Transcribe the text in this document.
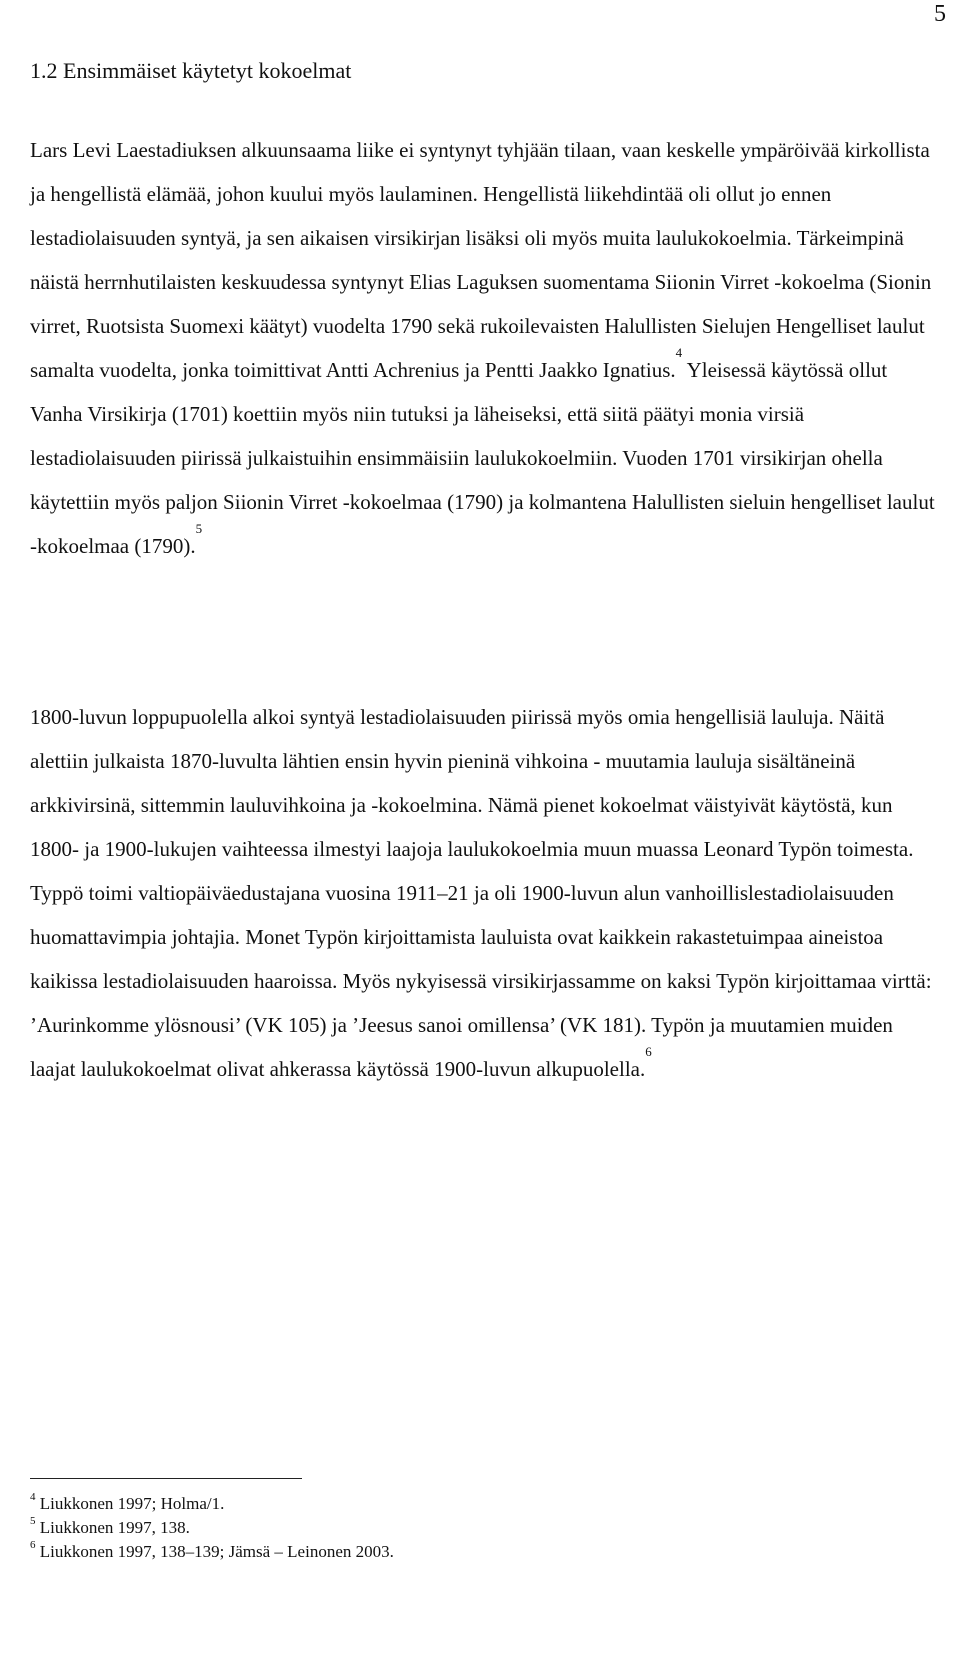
5
1.2 Ensimmäiset käytetyt kokoelmat

Lars Levi Laestadiuksen alkuunsaama liike ei syntynyt tyhjään tilaan, vaan keskelle ympäröivää kirkollista ja hengellistä elämää, johon kuului myös laulaminen. Hengellistä liikehdintää oli ollut jo ennen lestadiolaisuuden syntyä, ja sen aikaisen virsikirjan lisäksi oli myös muita laulukokoelmia. Tärkeimpinä näistä herrnhutilaisten keskuudessa syntynyt Elias Laguksen suomentama Siionin Virret -kokoelma (Sionin virret, Ruotsista Suomexi käätyt) vuodelta 1790 sekä rukoilevaisten Halullisten Sielujen Hengelliset laulut samalta vuodelta, jonka toimittivat Antti Achrenius ja Pentti Jaakko Ignatius.$^4$ Yleisessä käytössä ollut Vanha Virsikirja (1701) koettiin myös niin tutuksi ja läheiseksi, että siitä päätyi monia virsiä lestadiolaisuuden piirissä julkaistuihin ensimmäisiin laulukokoelmiin. Vuoden 1701 virsikirjan ohella käytettiin myös paljon Siionin Virret -kokoelmaa (1790) ja kolmantena Halullisten sieluin hengelliset laulut -kokoelmaa (1790).$^5$

1800-luvun loppupuolella alkoi syntyä lestadiolaisuuden piirissä myös omia hengellisiä lauluja. Näitä alettiin julkaista 1870-luvulta lähtien ensin hyvin pieninä vihkoina - muutamia lauluja sisältäneinä arkkivirsinä, sittemmin lauluvihkoina ja -kokoelmina. Nämä pienet kokoelmat väistyivät käytöstä, kun 1800- ja 1900-lukujen vaihteessa ilmestyi laajoja laulukokoelmia muun muassa Leonard Typön toimesta. Typpö toimi valtiopäiväedustajana vuosina 1911–21 ja oli 1900-luvun alun vanhoillislestadiolaisuuden huomattavimpia johtajia. Monet Typön kirjoittamista lauluista ovat kaikkein rakastetuimpaa aineistoa kaikissa lestadiolaisuuden haaroissa. Myös nykyisessä virsikirjassamme on kaksi Typön kirjoittamaa virttä: ’Aurinkomme ylösnousi’ (VK 105) ja ’Jeesus sanoi omillensa’ (VK 181). Typön ja muutamien muiden laajat laulukokoelmat olivat ahkerassa käytössä 1900-luvun alkupuolella.$^6$

$^4$ Liukkonen 1997; Holma/1.
$^5$ Liukkonen 1997, 138.
$^6$ Liukkonen 1997, 138–139; Jämsä – Leinonen 2003.
